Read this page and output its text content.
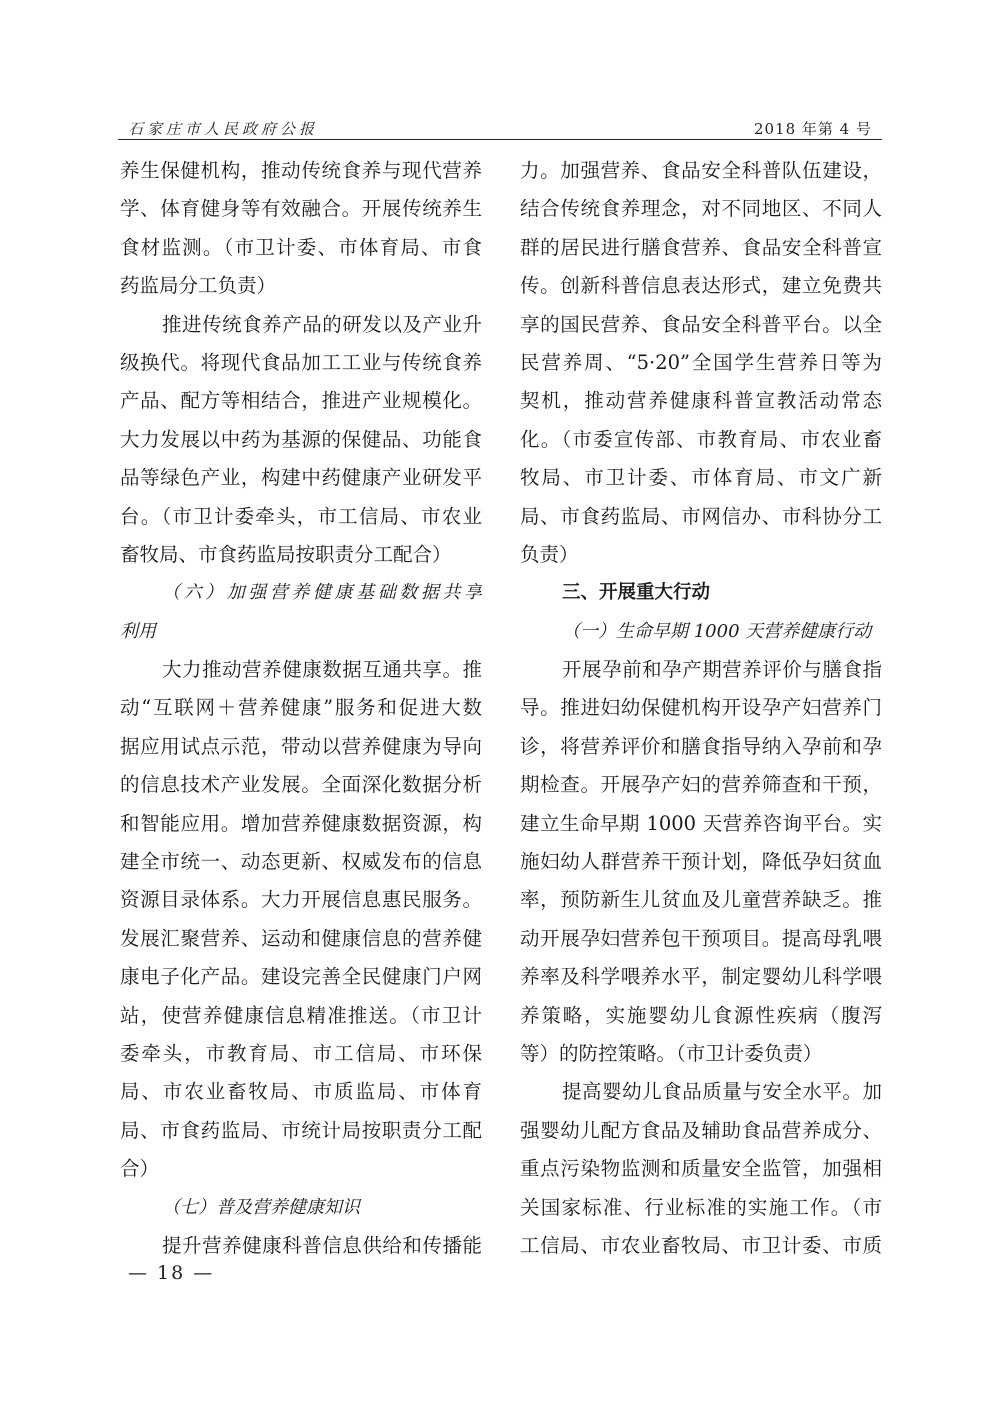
石家庄市人民政府公报	2018 年第 4 号
养生保健机构，推动传统食养与现代营养
学、体育健身等有效融合。开展传统养生
食材监测。（市卫计委、市体育局、市食
药监局分工负责）
推进传统食养产品的研发以及产业升
级换代。将现代食品加工工业与传统食养
产品、配方等相结合，推进产业规模化。
大力发展以中药为基源的保健品、功能食
品等绿色产业，构建中药健康产业研发平
台。（市卫计委牵头，市工信局、市农业
畜牧局、市食药监局按职责分工配合）
（六）加强营养健康基础数据共享
利用
大力推动营养健康数据互通共享。推
动“互联网＋营养健康”服务和促进大数
据应用试点示范，带动以营养健康为导向
的信息技术产业发展。全面深化数据分析
和智能应用。增加营养健康数据资源，构
建全市统一、动态更新、权威发布的信息
资源目录体系。大力开展信息惠民服务。
发展汇聚营养、运动和健康信息的营养健
康电子化产品。建设完善全民健康门户网
站，使营养健康信息精准推送。（市卫计
委牵头，市教育局、市工信局、市环保
局、市农业畜牧局、市质监局、市体育
局、市食药监局、市统计局按职责分工配
合）
（七）普及营养健康知识
提升营养健康科普信息供给和传播能
力。加强营养、食品安全科普队伍建设，
结合传统食养理念，对不同地区、不同人
群的居民进行膳食营养、食品安全科普宣
传。创新科普信息表达形式，建立免费共
享的国民营养、食品安全科普平台。以全
民营养周、“5·20”全国学生营养日等为
契机，推动营养健康科普宣教活动常态
化。（市委宣传部、市教育局、市农业畜
牧局、市卫计委、市体育局、市文广新
局、市食药监局、市网信办、市科协分工
负责）
三、开展重大行动
（一）生命早期 1000 天营养健康行动
开展孕前和孕产期营养评价与膳食指
导。推进妇幼保健机构开设孕产妇营养门
诊，将营养评价和膳食指导纳入孕前和孕
期检查。开展孕产妇的营养筛查和干预，
建立生命早期 1000 天营养咨询平台。实
施妇幼人群营养干预计划，降低孕妇贫血
率，预防新生儿贫血及儿童营养缺乏。推
动开展孕妇营养包干预项目。提高母乳喂
养率及科学喂养水平，制定婴幼儿科学喂
养策略，实施婴幼儿食源性疾病（腹泻
等）的防控策略。（市卫计委负责）
提高婴幼儿食品质量与安全水平。加
强婴幼儿配方食品及辅助食品营养成分、
重点污染物监测和质量安全监管，加强相
关国家标准、行业标准的实施工作。（市
工信局、市农业畜牧局、市卫计委、市质
— 18 —
